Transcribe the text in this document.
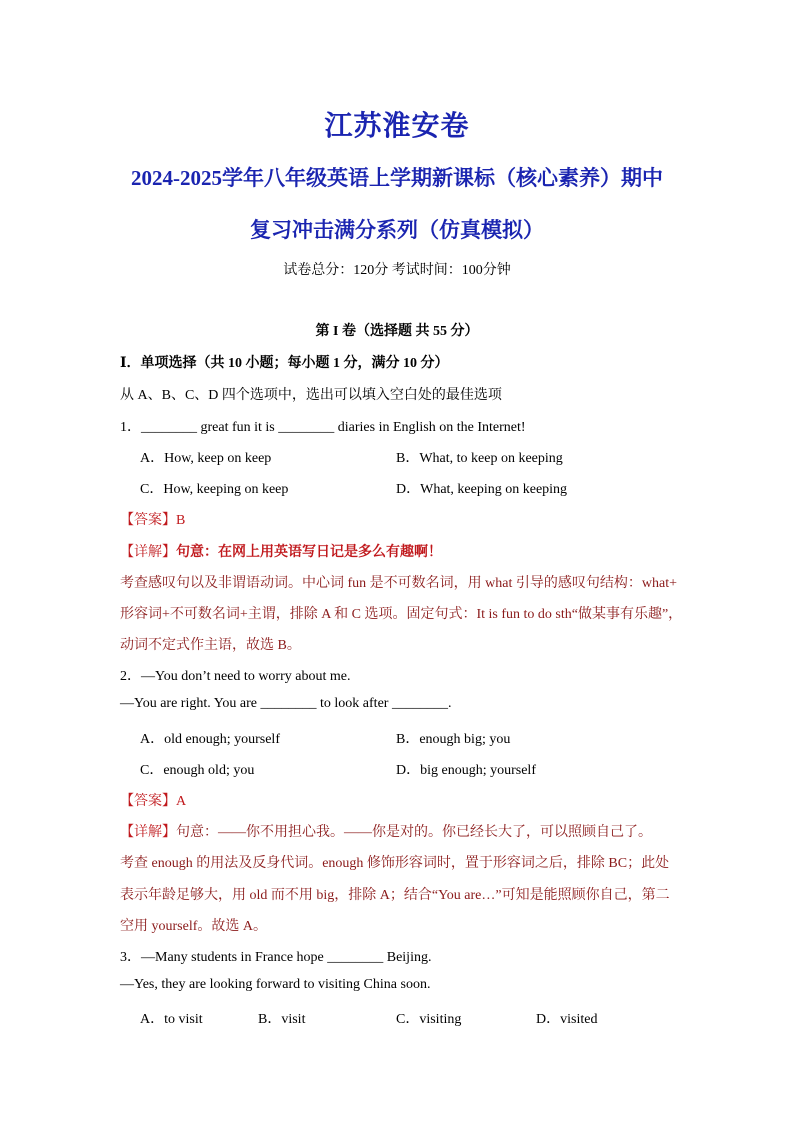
江苏淮安卷
2024-2025学年八年级英语上学期新课标（核心素养）期中
复习冲击满分系列（仿真模拟）
试卷总分：120分 考试时间：100分钟
第 I 卷（选择题 共 55 分）
Ⅰ．单项选择（共 10 小题；每小题 1 分，满分 10 分）
从 A、B、C、D 四个选项中，选出可以填入空白处的最佳选项
1．________ great fun it is ________ diaries in English on the Internet!
A．How, keep on keep	B．What, to keep on keeping
C．How, keeping on keep	D．What, keeping on keeping
【答案】B
【详解】句意：在网上用英语写日记是多么有趣啊！
考查感叹句以及非谓语动词。中心词 fun 是不可数名词，用 what 引导的感叹句结构：what+
形容词+不可数名词+主谓，排除 A 和 C 选项。固定句式：It is fun to do sth“做某事有乐趣”，
动词不定式作主语，故选 B。
2．—You don’t need to worry about me.
—You are right. You are ________ to look after ________.
A．old enough; yourself	B．enough big; you
C．enough old; you	D．big enough; yourself
【答案】A
【详解】句意：——你不用担心我。——你是对的。你已经长大了，可以照顾自己了。
考查 enough 的用法及反身代词。enough 修饰形容词时，置于形容词之后，排除 BC；此处
表示年龄足够大，用 old 而不用 big，排除 A；结合“You are…”可知是能照顾你自己，第二
空用 yourself。故选 A。
3．—Many students in France hope ________ Beijing.
—Yes, they are looking forward to visiting China soon.
A．to visit	B．visit	C．visiting	D．visited
